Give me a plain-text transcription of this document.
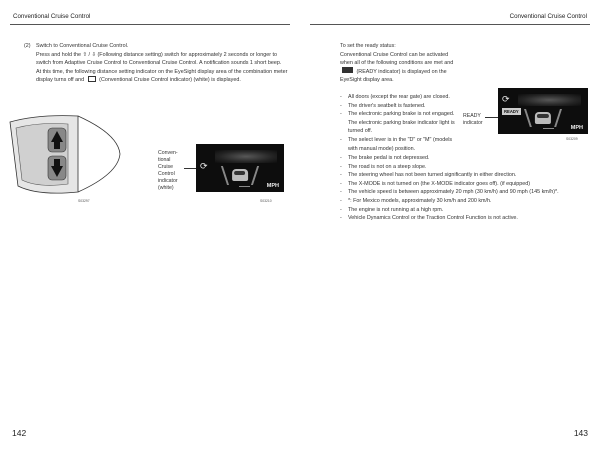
Conventional Cruise Control
(2) Switch to Conventional Cruise Control.
Press and hold the ⇧ / ⇩ (Following distance setting) switch for approximately 2 seconds or longer to switch from Adaptive Cruise Control to Conventional Cruise Control. A notification sounds 1 short beep.
At this time, the following distance setting indicator on the EyeSight display area of the combination meter display turns off and	(Conventional Cruise Control indicator) (white) is displayed.
S03297
Conven-
tional
Cruise
Control
indicator
(white)
⟳
MPH
S03210
142
Conventional Cruise Control
To set the ready status:
Conventional Cruise Control can be activated when all of the following conditions are met and  (READY indicator) is displayed on the EyeSight display area.
- All doors (except the rear gate) are closed.
- The driver's seatbelt is fastened.
- The electronic parking brake is not engaged. The electronic parking brake indicator light is turned off.
- The select lever is in the "D" or "M" (models with manual mode) position.
- The brake pedal is not depressed.
- The road is not on a steep slope.
- The steering wheel has not been turned significantly in either direction.
- The X-MODE is not turned on (the X-MODE indicator goes off). (if equipped)
- The vehicle speed is between approximately 20 mph (30 km/h) and 90 mph (145 km/h)*.
- *: For Mexico models, approximately 30 km/h and 200 km/h.
- The engine is not running at a high rpm.
- Vehicle Dynamics Control or the Traction Control Function is not active.
READY
indicator
⟳
READY
MPH
S03209
143
